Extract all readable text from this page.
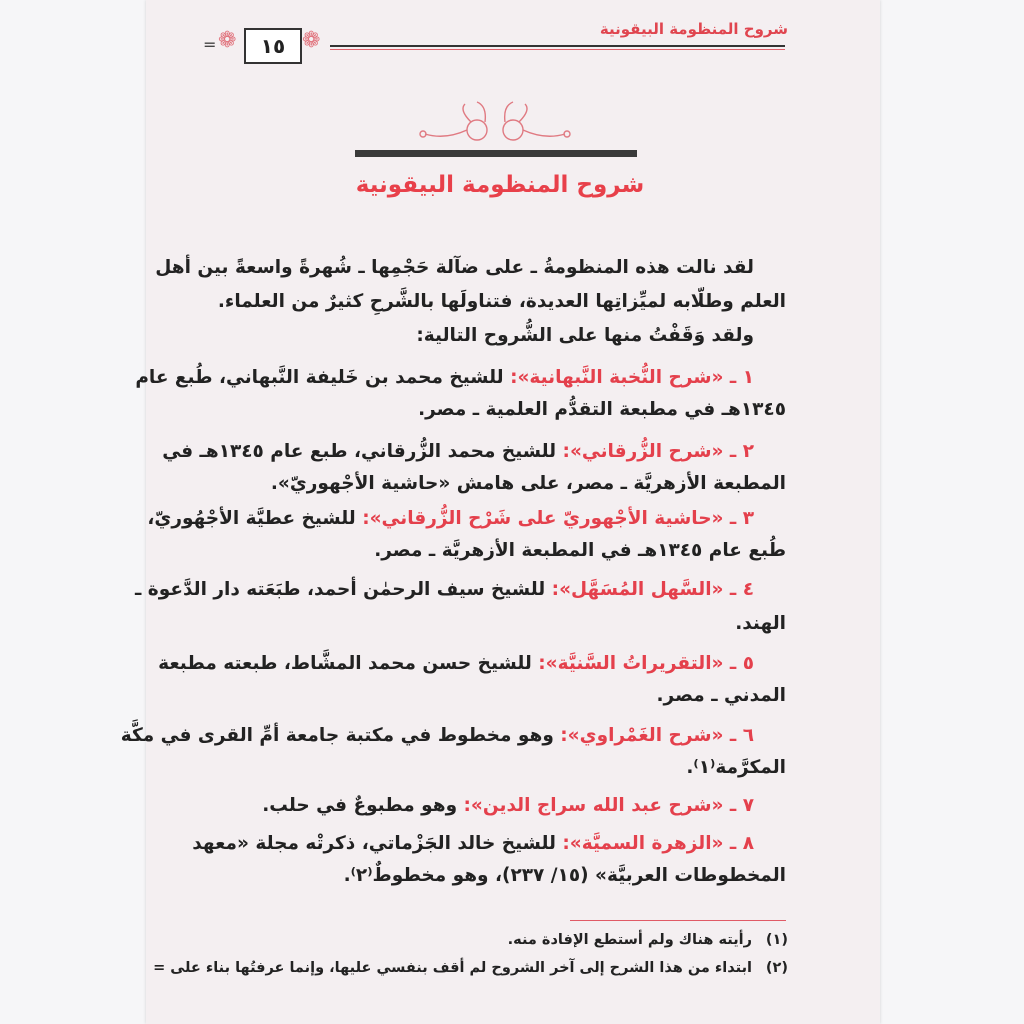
شروح المنظومة البيقونية
= ❁	❁
١٥
شروح المنظومة البيقونية
لقد نالت هذه المنظومةُ ـ على ضآلة حَجْمِها ـ شُهرةً واسعةً بين أهل
العلم وطلّابه لميِّزاتِها العديدة، فتناولَها بالشَّرحِ كثيرٌ من العلماء.
ولقد وَقَفْتُ منها على الشُّروح التالية:
١ ـ «شرح النُّخبة النَّبهانية»: للشيخ محمد بن خَليفة النَّبهاني، طُبع عام
١٣٤٥هـ في مطبعة التقدُّم العلمية ـ مصر.
٢ ـ «شرح الزُّرقاني»: للشيخ محمد الزُّرقاني، طبع عام ١٣٤٥هـ في
المطبعة الأزهريَّة ـ مصر، على هامش «حاشية الأجْهوريّ».
٣ ـ «حاشية الأجْهوريّ على شَرْح الزُّرقاني»: للشيخ عطيَّة الأجْهُوريّ،
طُبع عام ١٣٤٥هـ في المطبعة الأزهريَّة ـ مصر.
٤ ـ «السَّهل المُسَهَّل»: للشيخ سيف الرحمٰن أحمد، طبَعَته دار الدَّعوة ـ
الهند.
٥ ـ «التقريراتُ السَّنيَّة»: للشيخ حسن محمد المشَّاط، طبعته مطبعة
المدني ـ مصر.
٦ ـ «شرح الغَمْراوي»: وهو مخطوط في مكتبة جامعة أمِّ القرى في مكَّة
المكرَّمة⁽١⁾.
٧ ـ «شرح عبد الله سراج الدين»: وهو مطبوعٌ في حلب.
٨ ـ «الزهرة السميَّة»: للشيخ خالد الجَزْماتي، ذكرتْه مجلة «معهد
المخطوطات العربيَّة» (١٥/ ٢٣٧)، وهو مخطوطٌ⁽٢⁾.
(١)رأيته هناك ولم أستطع الإفادة منه.
(٢)ابتداء من هذا الشرح إلى آخر الشروح لم أقف بنفسي عليها، وإنما عرفتُها بناء على =
